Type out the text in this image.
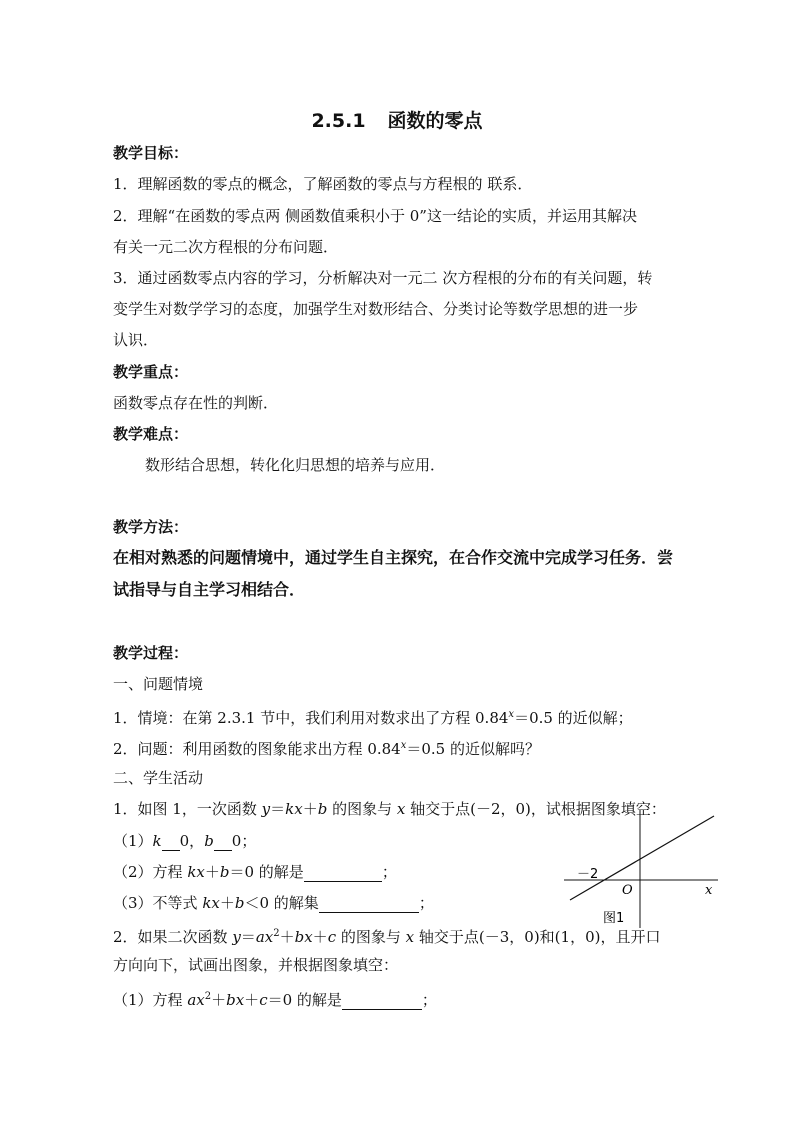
2.5.1 函数的零点
教学目标：
1．理解函数的零点的概念，了解函数的零点与方程根的 联系．
2．理解“在函数的零点两 侧函数值乘积小于 0”这一结论的实质，并运用其解决
有关一元二次方程根的分布问题．
3．通过函数零点内容的学习，分析解决对一元二 次方程根的分布的有关问题，转
变学生对数学学习的态度，加强学生对数形结合、分类讨论等数学思想的进一步
认识．
教学重点：
函数零点存在性的判断．
教学难点：
数形结合思想，转化化归思想的培养与应用．
教学方法：
在相对熟悉的问题情境中，通过学生自主探究，在合作交流中完成学习任务．尝
试指导与自主学习相结合．
教学过程：
一、问题情境
1．情境：在第 2.3.1 节中，我们利用对数求出了方程 $0.84^x=0.5$ 的近似解；
2．问题：利用函数的图象能求出方程 $0.84^x=0.5$ 的近似解吗？
二、学生活动
1．如图 1，一次函数 y＝kx＋b 的图象与 x 轴交于点(－2，0)，试根据图象填空：
（1）k 0，b 0；
（2）方程 kx＋b＝0 的解是	；
（3）不等式 kx＋b＜0 的解集	；
2．如果二次函数 $y=ax^2+bx+c$ 的图象与 x 轴交于点(－3，0)和(1，0)，且开口
方向向下，试画出图象，并根据图象填空：
（1）方程 $ax^2+bx+c=0$ 的解是	；
－2
O	x
图1
